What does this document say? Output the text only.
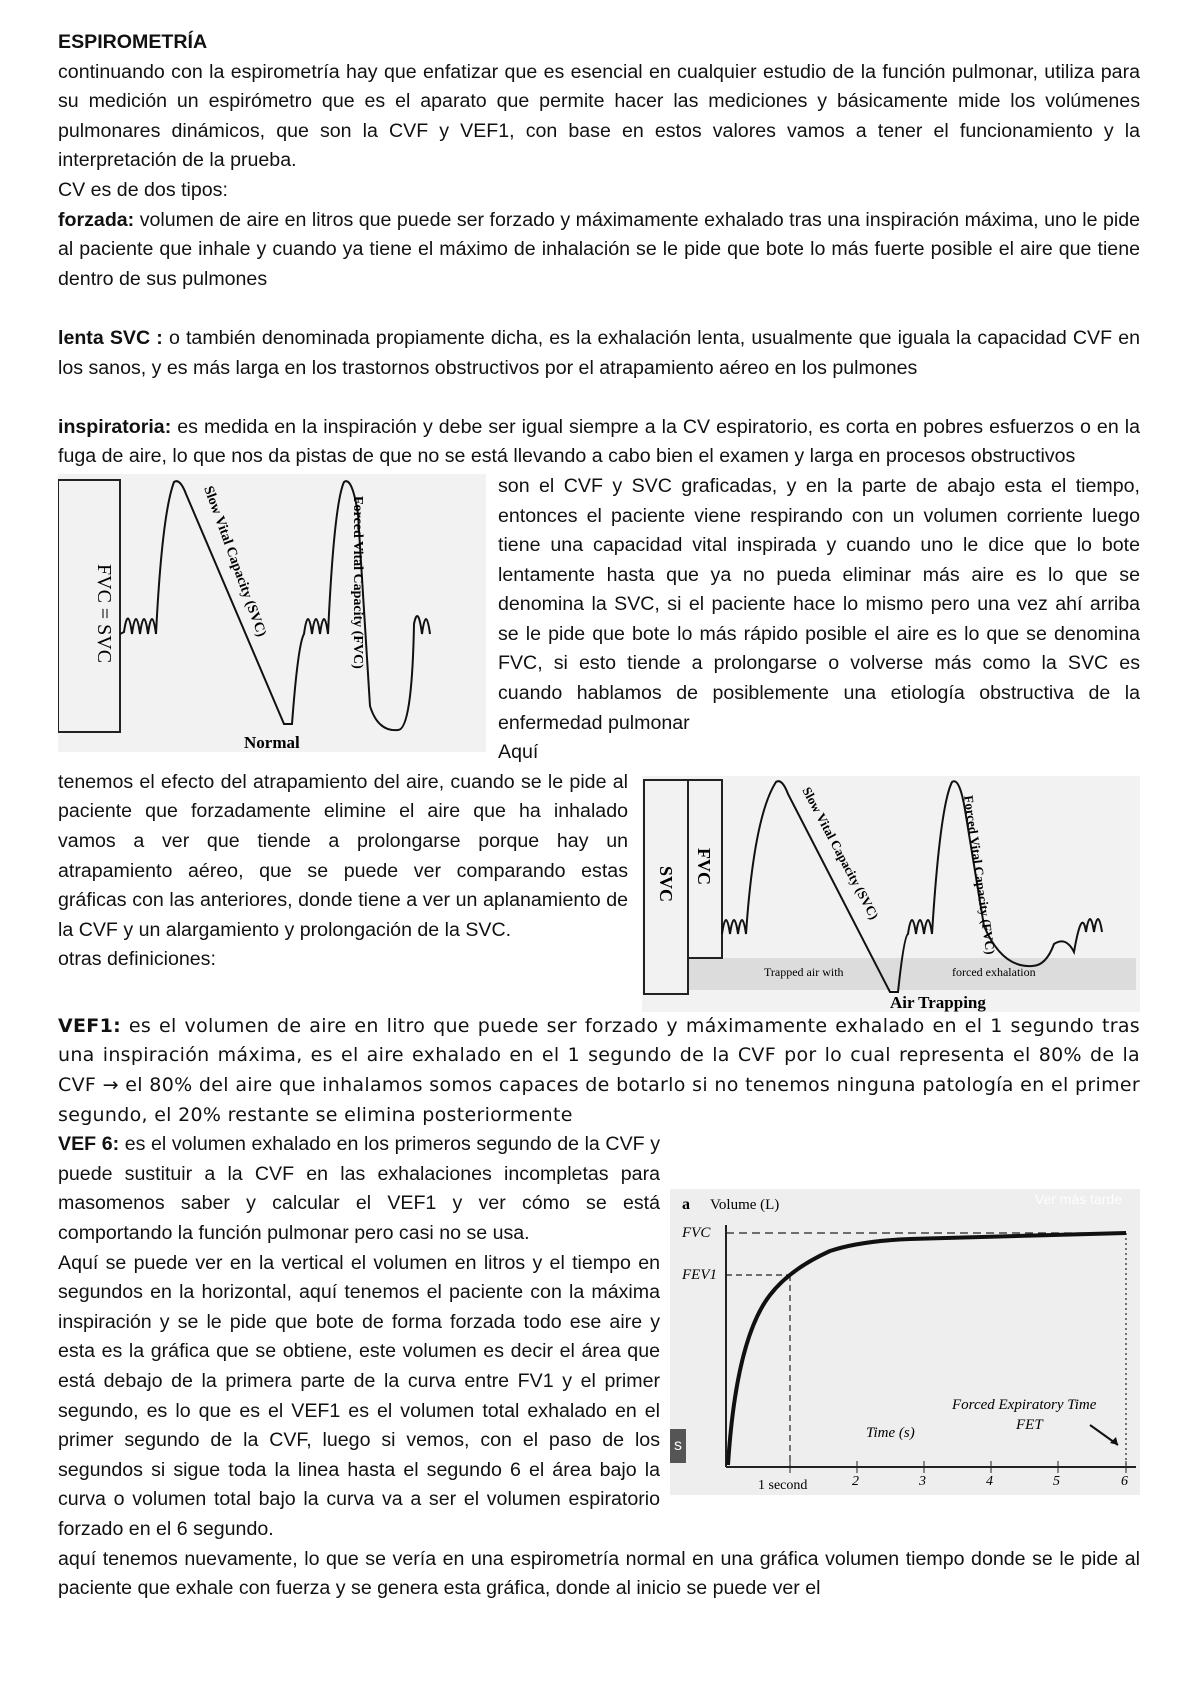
ESPIROMETRÍA

continuando con la espirometría hay que enfatizar que es esencial en cualquier estudio de la función pulmonar, utiliza para su medición un espirómetro que es el aparato que permite hacer las mediciones y básicamente mide los volúmenes pulmonares dinámicos, que son la CVF y VEF1, con base en estos valores vamos a tener el funcionamiento y la interpretación de la prueba.

CV es de dos tipos:

forzada: volumen de aire en litros que puede ser forzado y máximamente exhalado tras una inspiración máxima, uno le pide al paciente que inhale y cuando ya tiene el máximo de inhalación se le pide que bote lo más fuerte posible el aire que tiene dentro de sus pulmones

lenta SVC : o también denominada propiamente dicha, es la exhalación lenta, usualmente que iguala la capacidad CVF en los sanos, y es más larga en los trastornos obstructivos por el atrapamiento aéreo en los pulmones

inspiratoria: es medida en la inspiración y debe ser igual siempre a la CV espiratorio, es corta en pobres esfuerzos o en la fuga de aire, lo que nos da pistas de que no se está llevando a cabo bien el examen y larga en procesos obstructivos

FVC = SVC	Slow Vital Capacity (SVC)	Forced Vital Capacity (FVC)
Normal

son el CVF y SVC graficadas, y en la parte de abajo esta el tiempo, entonces el paciente viene respirando con un volumen corriente luego tiene una capacidad vital inspirada y cuando uno le dice que lo bote lentamente hasta que ya no pueda eliminar más aire es lo que se denomina la SVC, si el paciente hace lo mismo pero una vez ahí arriba se le pide que bote lo más rápido posible el aire es lo que se denomina FVC, si esto tiende a prolongarse o volverse más como la SVC es cuando hablamos de posiblemente una etiología obstructiva de la enfermedad pulmonar

Aquí

SVC FVC	Slow Vital Capacity (SVC)	Forced Vital Capacity (FVC)
Trapped air with	forced exhalation
Air Trapping

tenemos el efecto del atrapamiento del aire, cuando se le pide al paciente que forzadamente elimine el aire que ha inhalado vamos a ver que tiende a prolongarse porque hay un atrapamiento aéreo, que se puede ver comparando estas gráficas con las anteriores, donde tiene a ver un aplanamiento de la CVF y un alargamiento y prolongación de la SVC.

otras definiciones:

VEF1: es el volumen de aire en litro que puede ser forzado y máximamente exhalado en el 1 segundo tras una inspiración máxima, es el aire exhalado en el 1 segundo de la CVF por lo cual representa el 80% de la CVF → el 80% del aire que inhalamos somos capaces de botarlo si no tenemos ninguna patología en el primer segundo, el 20% restante se elimina posteriormente

a Volume (L)
FVC
FEV1
Forced Expiratory Time
FET
Time (s)
1 second	2	3	4	5	6
Ver más tarde
s

VEF 6: es el volumen exhalado en los primeros segundo de la CVF y puede sustituir a la CVF en las exhalaciones incompletas para masomenos saber y calcular el VEF1 y ver cómo se está comportando la función pulmonar pero casi no se usa.

Aquí se puede ver en la vertical el volumen en litros y el tiempo en segundos en la horizontal, aquí tenemos el paciente con la máxima inspiración y se le pide que bote de forma forzada todo ese aire y esta es la gráfica que se obtiene, este volumen es decir el área que está debajo de la primera parte de la curva entre FV1 y el primer segundo, es lo que es el VEF1 es el volumen total exhalado en el primer segundo de la CVF, luego si vemos, con el paso de los segundos si sigue toda la linea hasta el segundo 6 el área bajo la curva o volumen total bajo la curva va a ser el volumen espiratorio forzado en el 6 segundo.

aquí tenemos nuevamente, lo que se vería en una espirometría normal en una gráfica volumen tiempo donde se le pide al paciente que exhale con fuerza y se genera esta gráfica, donde al inicio se puede ver el
